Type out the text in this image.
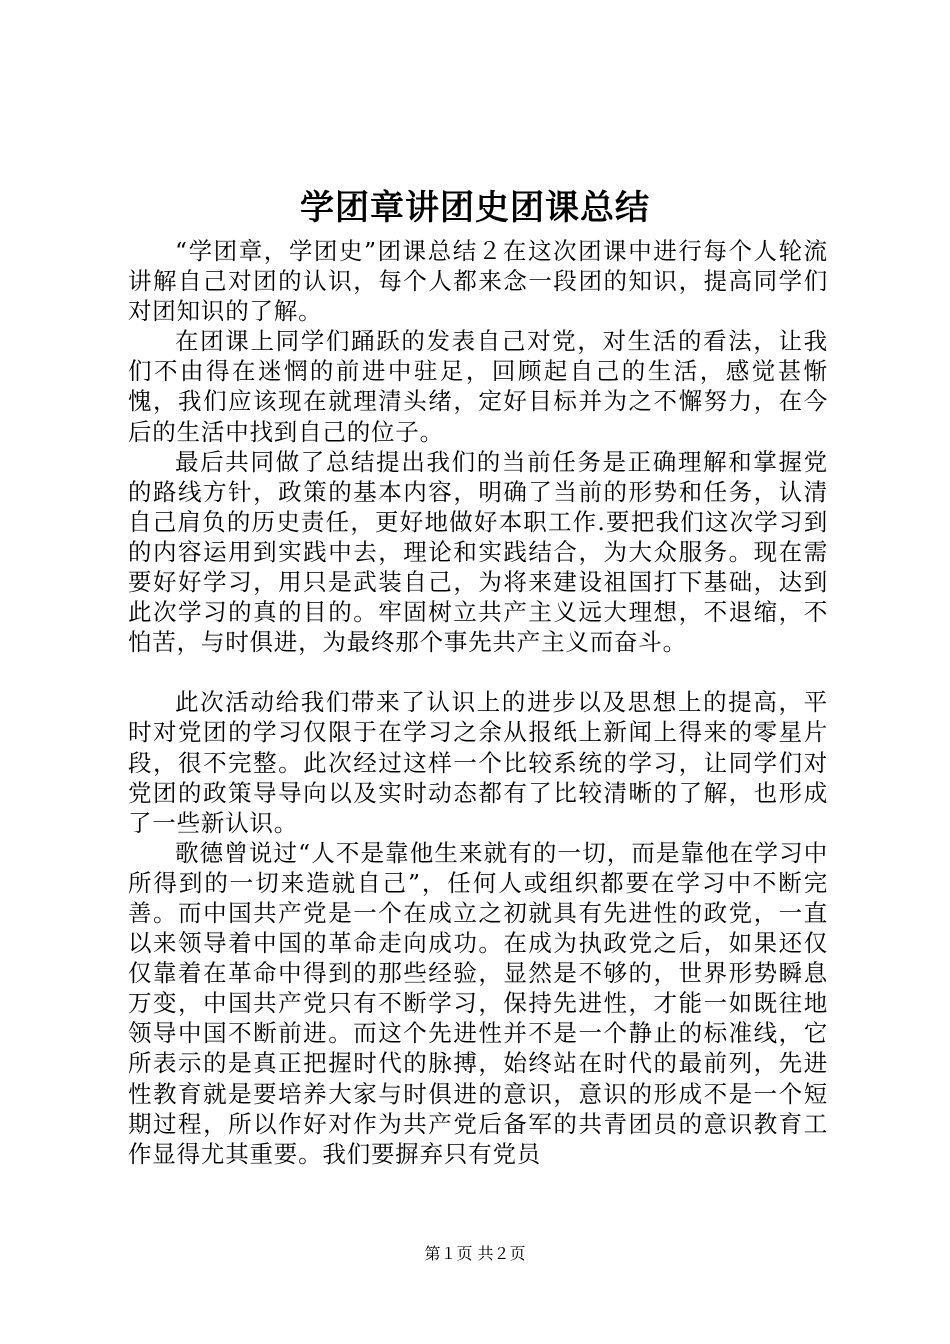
学团章讲团史团课总结

“学团章，学团史”团课总结２在这次团课中进行每个人轮流讲解自己对团的认识，每个人都来念一段团的知识，提高同学们对团知识的了解。

在团课上同学们踊跃的发表自己对党，对生活的看法，让我们不由得在迷惘的前进中驻足，回顾起自己的生活，感觉甚惭愧，我们应该现在就理清头绪，定好目标并为之不懈努力，在今后的生活中找到自己的位子。

最后共同做了总结提出我们的当前任务是正确理解和掌握党的路线方针，政策的基本内容，明确了当前的形势和任务，认清自己肩负的历史责任，更好地做好本职工作.要把我们这次学习到的内容运用到实践中去，理论和实践结合，为大众服务。现在需要好好学习，用只是武装自己，为将来建设祖国打下基础，达到此次学习的真的目的。牢固树立共产主义远大理想，不退缩，不怕苦，与时俱进，为最终那个事先共产主义而奋斗。

此次活动给我们带来了认识上的进步以及思想上的提高，平时对党团的学习仅限于在学习之余从报纸上新闻上得来的零星片段，很不完整。此次经过这样一个比较系统的学习，让同学们对党团的政策导导向以及实时动态都有了比较清晰的了解，也形成了一些新认识。

歌德曾说过“人不是靠他生来就有的一切，而是靠他在学习中所得到的一切来造就自己”，任何人或组织都要在学习中不断完善。而中国共产党是一个在成立之初就具有先进性的政党，一直以来领导着中国的革命走向成功。在成为执政党之后，如果还仅仅靠着在革命中得到的那些经验，显然是不够的，世界形势瞬息万变，中国共产党只有不断学习，保持先进性，才能一如既往地领导中国不断前进。而这个先进性并不是一个静止的标准线，它所表示的是真正把握时代的脉搏，始终站在时代的最前列，先进性教育就是要培养大家与时俱进的意识，意识的形成不是一个短期过程，所以作好对作为共产党后备军的共青团员的意识教育工作显得尤其重要。我们要摒弃只有党员

第１页 共２页
